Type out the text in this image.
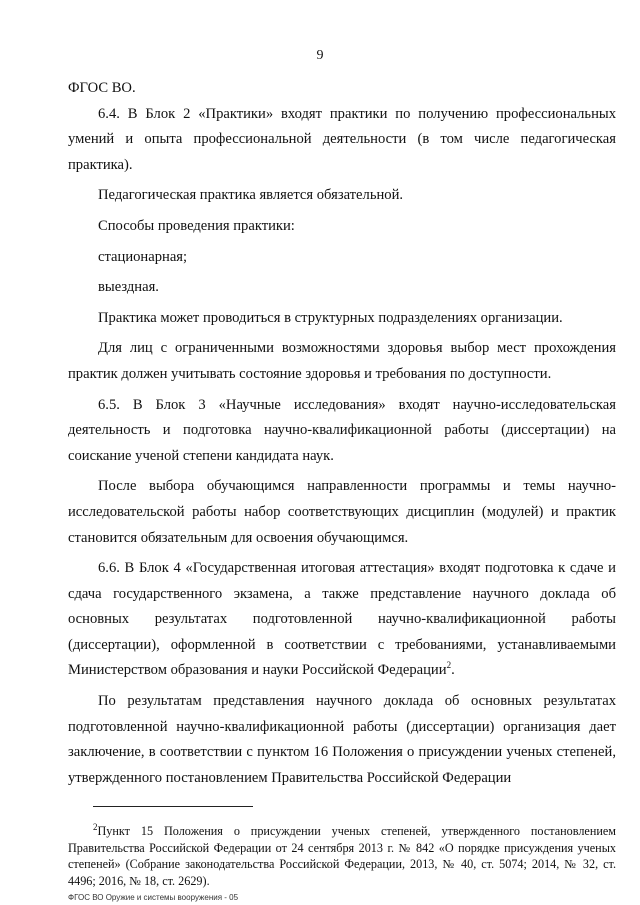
9

ФГОС ВО.

6.4. В Блок 2 «Практики» входят практики по получению профессиональных умений и опыта профессиональной деятельности (в том числе педагогическая практика).

Педагогическая практика является обязательной.

Способы проведения практики:

стационарная;

выездная.

Практика может проводиться в структурных подразделениях организации.

Для лиц с ограниченными возможностями здоровья выбор мест прохождения практик должен учитывать состояние здоровья и требования по доступности.

6.5. В Блок 3 «Научные исследования» входят научно-исследовательская деятельность и подготовка научно-квалификационной работы (диссертации) на соискание ученой степени кандидата наук.

После выбора обучающимся направленности программы и темы научно-исследовательской работы набор соответствующих дисциплин (модулей) и практик становится обязательным для освоения обучающимся.

6.6. В Блок 4 «Государственная итоговая аттестация» входят подготовка к сдаче и сдача государственного экзамена, а также представление научного доклада об основных результатах подготовленной научно-квалификационной работы (диссертации), оформленной в соответствии с требованиями, устанавливаемыми Министерством образования и науки Российской Федерации$^2$.

По результатам представления научного доклада об основных результатах подготовленной научно-квалификационной работы (диссертации) организация дает заключение, в соответствии с пунктом 16 Положения о присуждении ученых степеней, утвержденного постановлением Правительства Российской Федерации

$^2$Пункт 15 Положения о присуждении ученых степеней, утвержденного постановлением Правительства Российской Федерации от 24 сентября 2013 г. № 842 «О порядке присуждения ученых степеней» (Собрание законодательства Российской Федерации, 2013, № 40, ст. 5074; 2014, № 32, ст. 4496; 2016, № 18, ст. 2629).

ФГОС ВО Оружие и системы вооружения - 05
